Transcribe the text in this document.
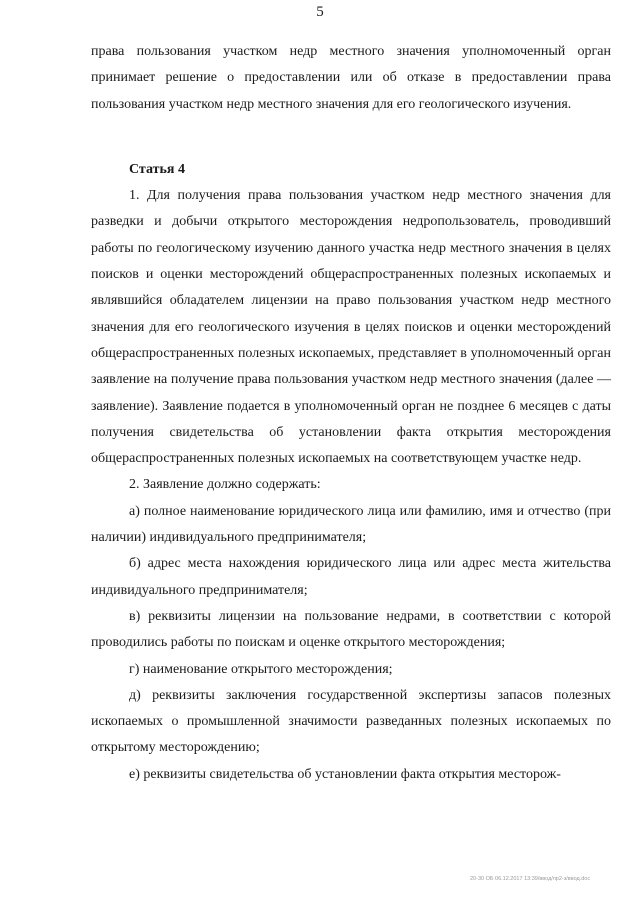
5

права пользования участком недр местного значения уполномоченный орган принимает решение о предоставлении или об отказе в предоставлении права пользования участком недр местного значения для его геологического изучения.

Статья 4

1. Для получения права пользования участком недр местного значения для разведки и добычи открытого месторождения недропользователь, проводивший работы по геологическому изучению данного участка недр местного значения в целях поисков и оценки месторождений общераспространенных полезных ископаемых и являвшийся обладателем лицензии на право пользования участком недр местного значения для его геологического изучения в целях поисков и оценки месторождений общераспространенных полезных ископаемых, представляет в уполномоченный орган заявление на получение права пользования участком недр местного значения (далее — заявление). Заявление подается в уполномоченный орган не позднее 6 месяцев с даты получения свидетельства об установлении факта открытия месторождения общераспространенных полезных ископаемых на соответствующем участке недр.

2. Заявление должно содержать:

а) полное наименование юридического лица или фамилию, имя и отчество (при наличии) индивидуального предпринимателя;

б) адрес места нахождения юридического лица или адрес места жительства индивидуального предпринимателя;

в) реквизиты лицензии на пользование недрами, в соответствии с которой проводились работы по поискам и оценке открытого месторождения;

г) наименование открытого месторождения;

д) реквизиты заключения государственной экспертизы запасов полезных ископаемых о промышленной значимости разведанных полезных ископаемых по открытому месторождению;

е) реквизиты свидетельства об установлении факта открытия месторож-

20-30 ОБ 06.12.2017 13:39/ввод/пр2-з/ввод.doc
